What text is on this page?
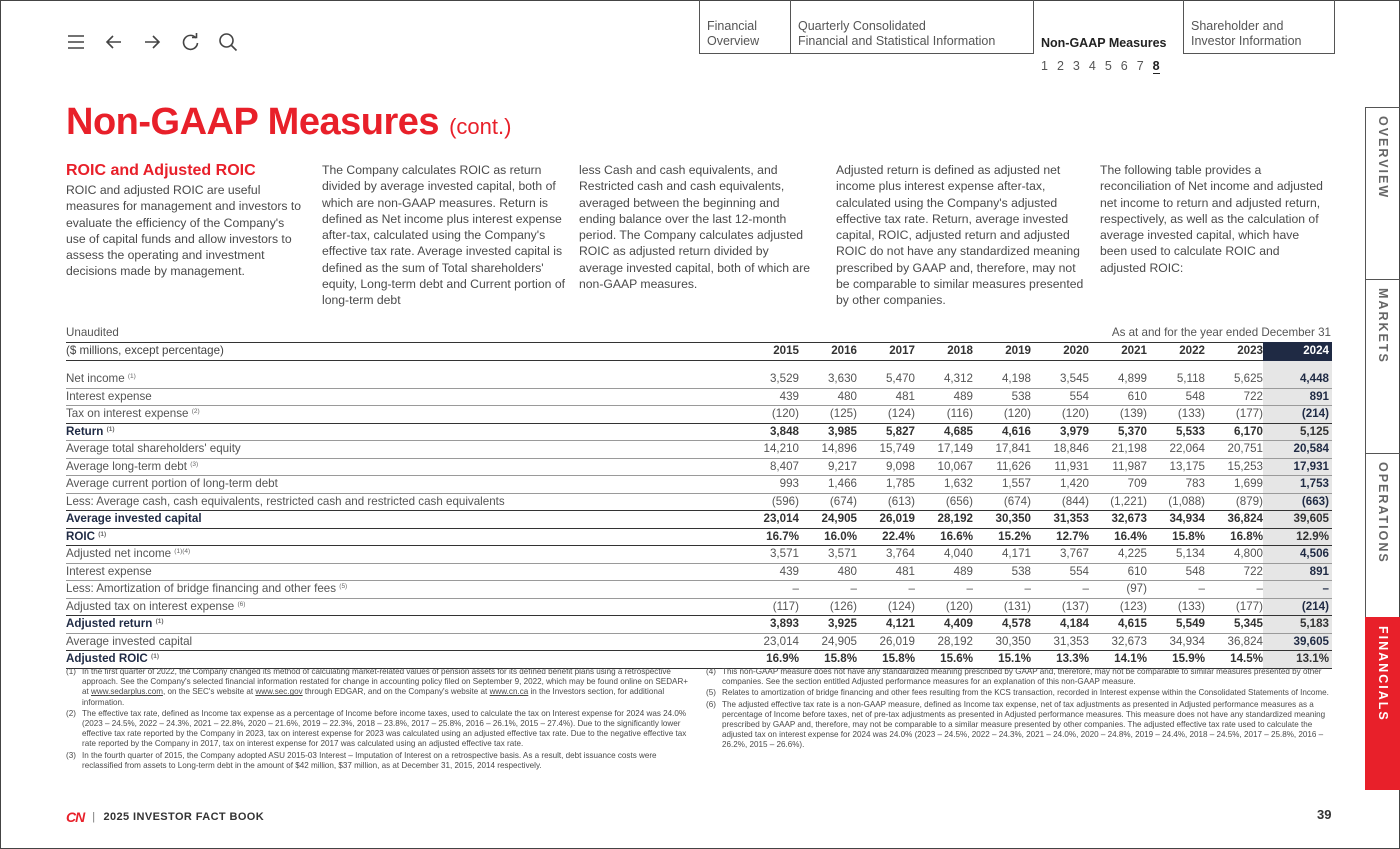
Financial
Overview
Quarterly Consolidated
Financial and Statistical Information	Non-GAAP Measures
Shareholder and
Investor Information
1 2 3 4 5 6 7 8
OVERVIEW
MARKETS
OPERATIONS
FINANCIALS
Non-GAAP Measures (cont.)
ROIC and Adjusted ROIC
ROIC and adjusted ROIC are useful measures for management and investors to evaluate the efficiency of the Company's use of capital funds and allow investors to assess the operating and investment decisions made by management.
The Company calculates ROIC as return divided by average invested capital, both of which are non-GAAP measures. Return is defined as Net income plus interest expense after-tax, calculated using the Company's effective tax rate. Average invested capital is defined as the sum of Total shareholders' equity, Long-term debt and Current portion of long-term debt
less Cash and cash equivalents, and Restricted cash and cash equivalents, averaged between the beginning and ending balance over the last 12-month period. The Company calculates adjusted ROIC as adjusted return divided by average invested capital, both of which are non-GAAP measures.
Adjusted return is defined as adjusted net income plus interest expense after-tax, calculated using the Company's adjusted effective tax rate. Return, average invested capital, ROIC, adjusted return and adjusted ROIC do not have any standardized meaning prescribed by GAAP and, therefore, may not be comparable to similar measures presented by other companies.
The following table provides a reconciliation of Net income and adjusted net income to return and adjusted return, respectively, as well as the calculation of average invested capital, which have been used to calculate ROIC and adjusted ROIC:
Unaudited	As at and for the year ended December 31
($ millions, except percentage)	2015	2016	2017	2018	2019	2020	2021	2022	2023	2024

Net income $^{(1)}$	3,529	3,630	5,470	4,312	4,198	3,545	4,899	5,118	5,625	4,448
Interest expense	439	480	481	489	538	554	610	548	722	891
Tax on interest expense $^{(2)}$	(120)	(125)	(124)	(116)	(120)	(120)	(139)	(133)	(177)	(214)
Return $^{(1)}$	3,848	3,985	5,827	4,685	4,616	3,979	5,370	5,533	6,170	5,125
Average total shareholders' equity	14,210	14,896	15,749	17,149	17,841	18,846	21,198	22,064	20,751	20,584
Average long-term debt $^{(3)}$	8,407	9,217	9,098	10,067	11,626	11,931	11,987	13,175	15,253	17,931
Average current portion of long-term debt	993	1,466	1,785	1,632	1,557	1,420	709	783	1,699	1,753
Less: Average cash, cash equivalents, restricted cash and restricted cash equivalents	(596)	(674)	(613)	(656)	(674)	(844)	(1,221)	(1,088)	(879)	(663)
Average invested capital	23,014	24,905	26,019	28,192	30,350	31,353	32,673	34,934	36,824	39,605
ROIC $^{(1)}$	16.7%	16.0%	22.4%	16.6%	15.2%	12.7%	16.4%	15.8%	16.8%	12.9%
Adjusted net income $^{(1)(4)}$	3,571	3,571	3,764	4,040	4,171	3,767	4,225	5,134	4,800	4,506
Interest expense	439	480	481	489	538	554	610	548	722	891
Less: Amortization of bridge financing and other fees $^{(5)}$	–	–	–	–	–	–	(97)	–	–	–
Adjusted tax on interest expense $^{(6)}$	(117)	(126)	(124)	(120)	(131)	(137)	(123)	(133)	(177)	(214)
Adjusted return $^{(1)}$	3,893	3,925	4,121	4,409	4,578	4,184	4,615	5,549	5,345	5,183
Average invested capital	23,014	24,905	26,019	28,192	30,350	31,353	32,673	34,934	36,824	39,605
Adjusted ROIC $^{(1)}$	16.9%	15.8%	15.8%	15.6%	15.1%	13.3%	14.1%	15.9%	14.5%	13.1%
(1) In the first quarter of 2022, the Company changed its method of calculating market-related values of pension assets for its defined benefit plans using a retrospective approach. See the Company's selected financial information restated for change in accounting policy filed on September 9, 2022, which may be found online on SEDAR+ at www.sedarplus.com, on the SEC's website at www.sec.gov through EDGAR, and on the Company's website at www.cn.ca in the Investors section, for additional information.
(2) The effective tax rate, defined as Income tax expense as a percentage of Income before income taxes, used to calculate the tax on Interest expense for 2024 was 24.0% (2023 – 24.5%, 2022 – 24.3%, 2021 – 22.8%, 2020 – 21.6%, 2019 – 22.3%, 2018 – 23.8%, 2017 – 25.8%, 2016 – 26.1%, 2015 – 27.4%). Due to the significantly lower effective tax rate reported by the Company in 2023, tax on interest expense for 2023 was calculated using an adjusted effective tax rate. Due to the negative effective tax rate reported by the Company in 2017, tax on interest expense for 2017 was calculated using an adjusted effective tax rate.
(3) In the fourth quarter of 2015, the Company adopted ASU 2015-03 Interest – Imputation of Interest on a retrospective basis. As a result, debt issuance costs were reclassified from assets to Long-term debt in the amount of $42 million, $37 million, as at December 31, 2015, 2014 respectively.
(4) This non-GAAP measure does not have any standardized meaning prescribed by GAAP and, therefore, may not be comparable to similar measures presented by other companies. See the section entitled Adjusted performance measures for an explanation of this non-GAAP measure.
(5) Relates to amortization of bridge financing and other fees resulting from the KCS transaction, recorded in Interest expense within the Consolidated Statements of Income.
(6) The adjusted effective tax rate is a non-GAAP measure, defined as Income tax expense, net of tax adjustments as presented in Adjusted performance measures as a percentage of Income before taxes, net of pre-tax adjustments as presented in Adjusted performance measures. This measure does not have any standardized meaning prescribed by GAAP and, therefore, may not be comparable to a similar measure presented by other companies. The adjusted effective tax rate used to calculate the adjusted tax on interest expense for 2024 was 24.0% (2023 – 24.5%, 2022 – 24.3%, 2021 – 24.0%, 2020 – 24.8%, 2019 – 24.4%, 2018 – 24.5%, 2017 – 25.8%, 2016 – 26.2%, 2015 – 26.6%).
CN | 2025 INVESTOR FACT BOOK	39
